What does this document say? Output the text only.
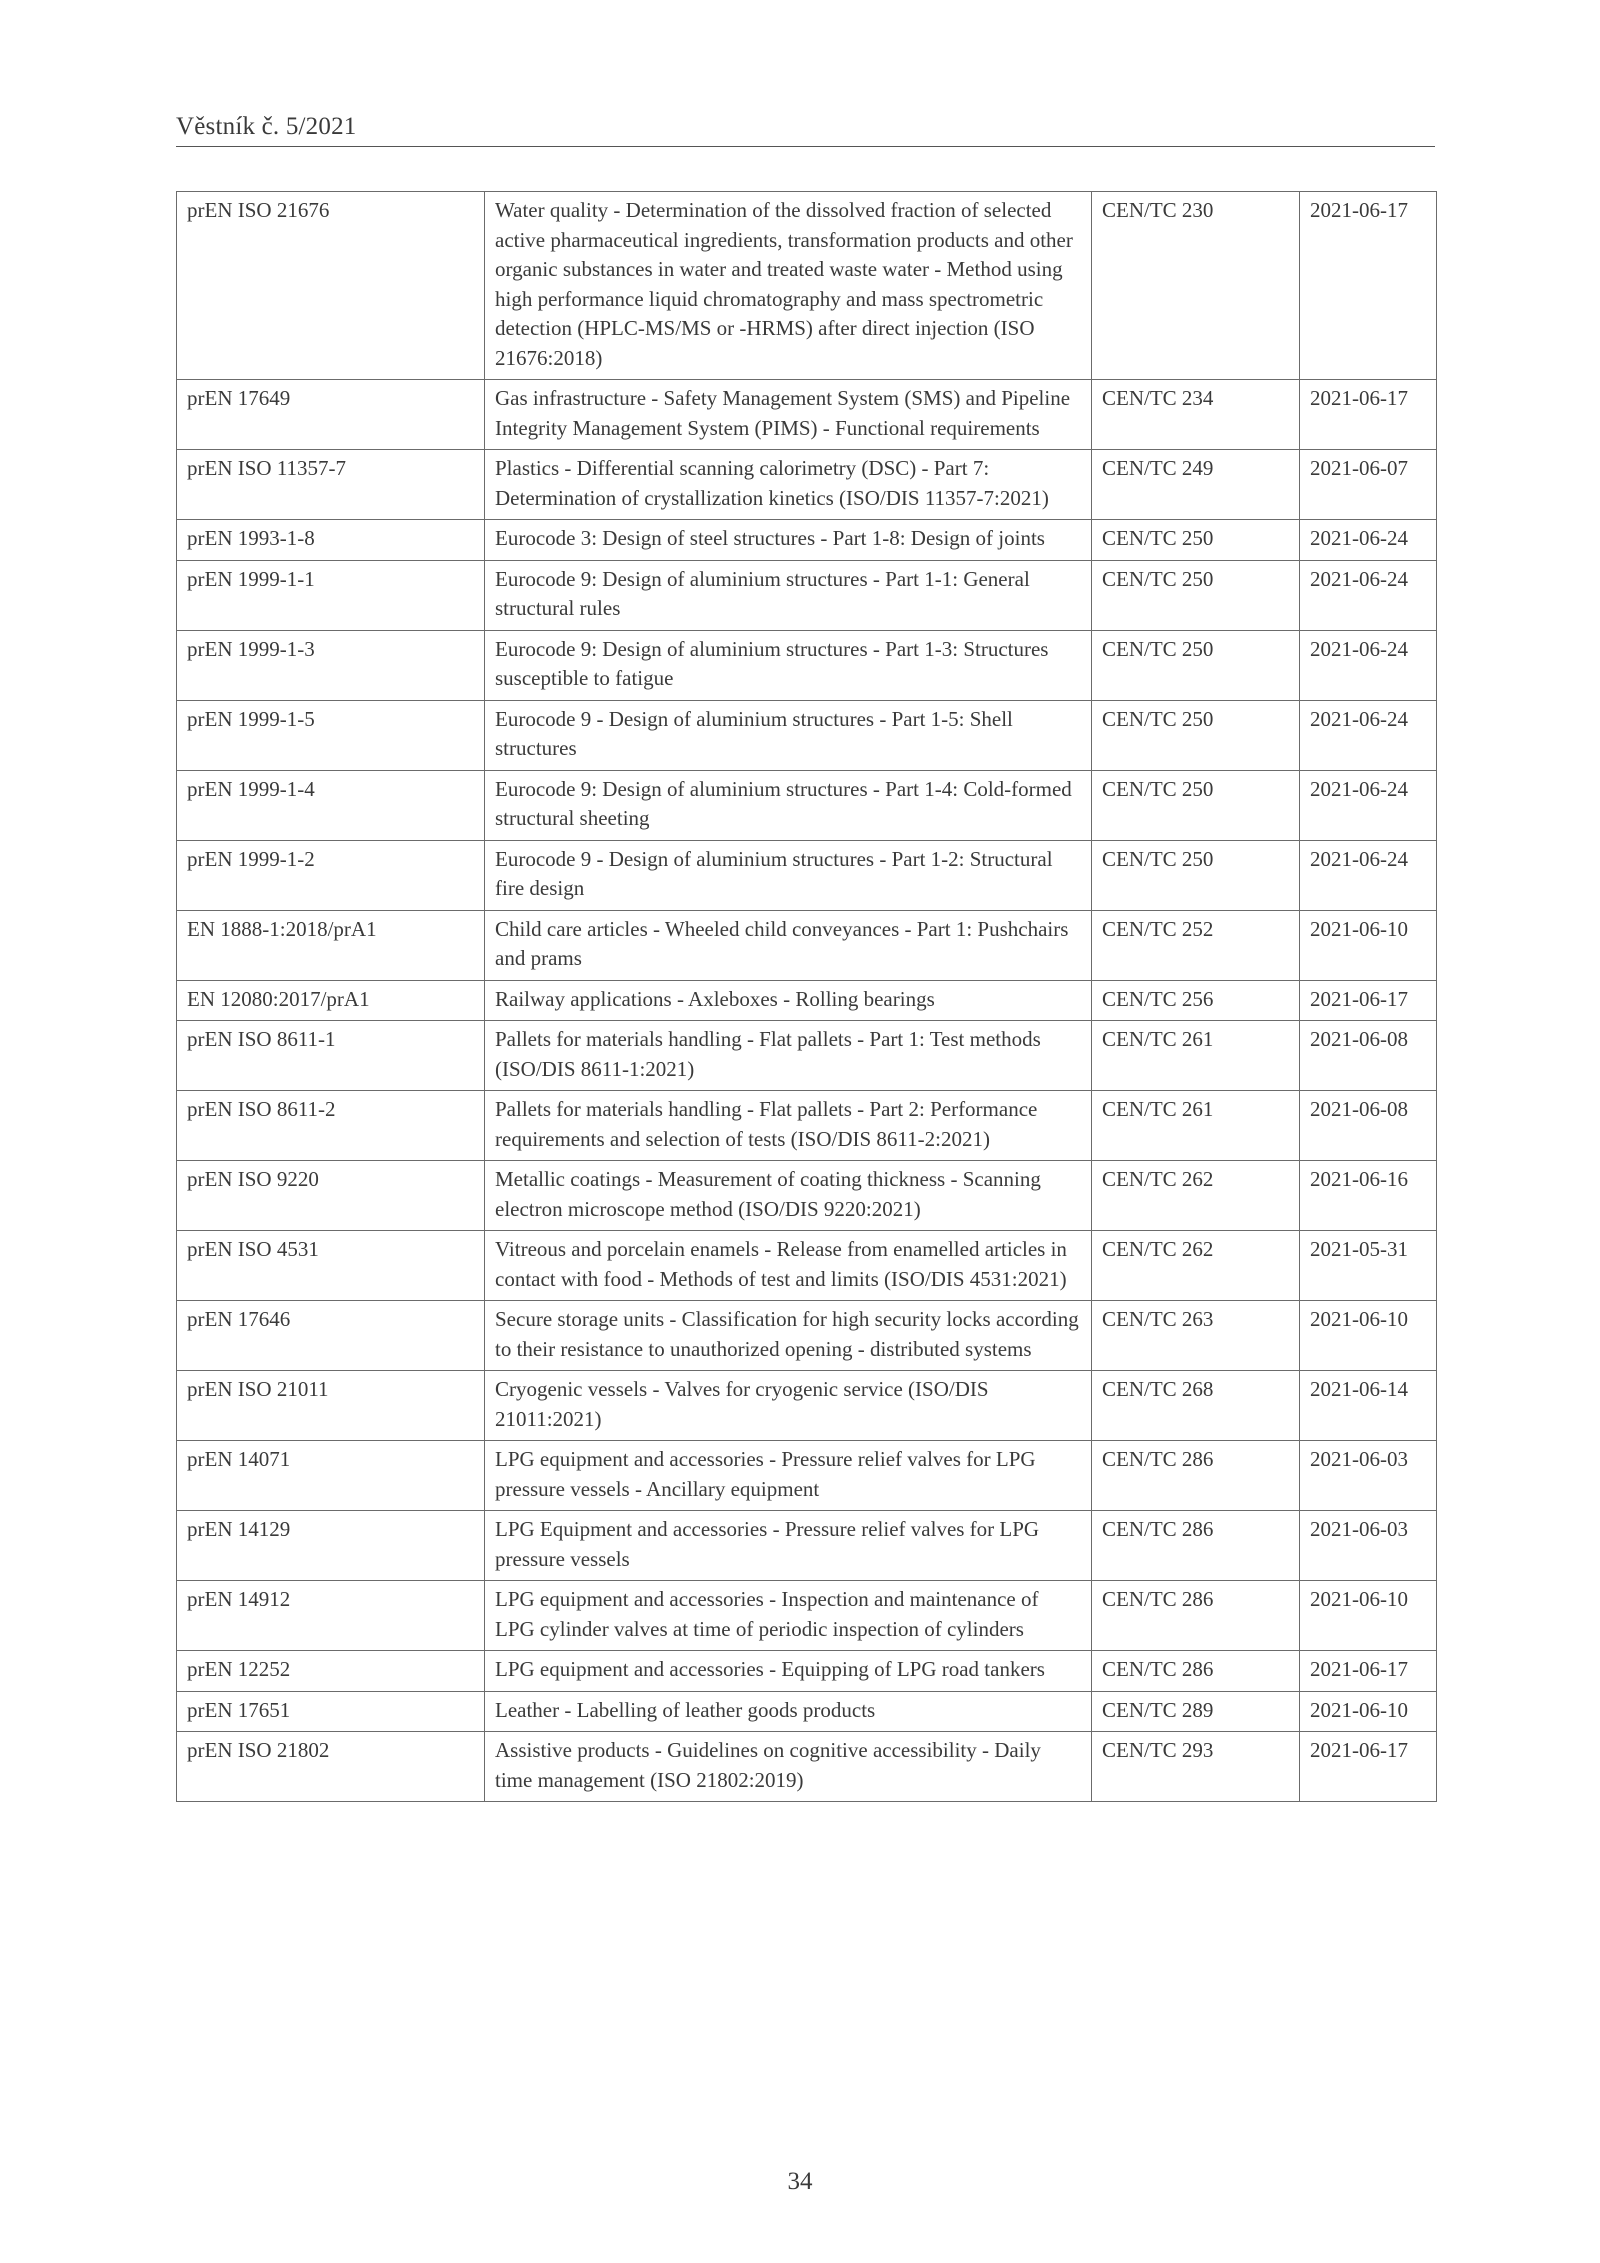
Věstník č. 5/2021
prEN ISO 21676	Water quality - Determination of the dissolved fraction of selected active pharmaceutical ingredients, transformation products and other organic substances in water and treated waste water - Method using high performance liquid chromatography and mass spectrometric detection (HPLC-MS/MS or -HRMS) after direct injection (ISO 21676:2018)	CEN/TC 230	2021-06-17
prEN 17649	Gas infrastructure - Safety Management System (SMS) and Pipeline Integrity Management System (PIMS) - Functional requirements	CEN/TC 234	2021-06-17
prEN ISO 11357-7	Plastics - Differential scanning calorimetry (DSC) - Part 7: Determination of crystallization kinetics (ISO/DIS 11357-7:2021)	CEN/TC 249	2021-06-07
prEN 1993-1-8	Eurocode 3: Design of steel structures - Part 1-8: Design of joints	CEN/TC 250	2021-06-24
prEN 1999-1-1	Eurocode 9: Design of aluminium structures - Part 1-1: General structural rules	CEN/TC 250	2021-06-24
prEN 1999-1-3	Eurocode 9: Design of aluminium structures - Part 1-3: Structures susceptible to fatigue	CEN/TC 250	2021-06-24
prEN 1999-1-5	Eurocode 9 - Design of aluminium structures - Part 1-5: Shell structures	CEN/TC 250	2021-06-24
prEN 1999-1-4	Eurocode 9: Design of aluminium structures - Part 1-4: Cold-formed structural sheeting	CEN/TC 250	2021-06-24
prEN 1999-1-2	Eurocode 9 - Design of aluminium structures - Part 1-2: Structural fire design	CEN/TC 250	2021-06-24
EN 1888-1:2018/prA1	Child care articles - Wheeled child conveyances - Part 1: Pushchairs and prams	CEN/TC 252	2021-06-10
EN 12080:2017/prA1	Railway applications - Axleboxes - Rolling bearings	CEN/TC 256	2021-06-17
prEN ISO 8611-1	Pallets for materials handling - Flat pallets - Part 1: Test methods (ISO/DIS 8611-1:2021)	CEN/TC 261	2021-06-08
prEN ISO 8611-2	Pallets for materials handling - Flat pallets - Part 2: Performance requirements and selection of tests (ISO/DIS 8611-2:2021)	CEN/TC 261	2021-06-08
prEN ISO 9220	Metallic coatings - Measurement of coating thickness - Scanning electron microscope method (ISO/DIS 9220:2021)	CEN/TC 262	2021-06-16
prEN ISO 4531	Vitreous and porcelain enamels - Release from enamelled articles in contact with food - Methods of test and limits (ISO/DIS 4531:2021)	CEN/TC 262	2021-05-31
prEN 17646	Secure storage units - Classification for high security locks according to their resistance to unauthorized opening - distributed systems	CEN/TC 263	2021-06-10
prEN ISO 21011	Cryogenic vessels - Valves for cryogenic service (ISO/DIS 21011:2021)	CEN/TC 268	2021-06-14
prEN 14071	LPG equipment and accessories - Pressure relief valves for LPG pressure vessels - Ancillary equipment	CEN/TC 286	2021-06-03
prEN 14129	LPG Equipment and accessories - Pressure relief valves for LPG pressure vessels	CEN/TC 286	2021-06-03
prEN 14912	LPG equipment and accessories - Inspection and maintenance of LPG cylinder valves at time of periodic inspection of cylinders	CEN/TC 286	2021-06-10
prEN 12252	LPG equipment and accessories - Equipping of LPG road tankers	CEN/TC 286	2021-06-17
prEN 17651	Leather - Labelling of leather goods products	CEN/TC 289	2021-06-10
prEN ISO 21802	Assistive products - Guidelines on cognitive accessibility - Daily time management (ISO 21802:2019)	CEN/TC 293	2021-06-17
34
